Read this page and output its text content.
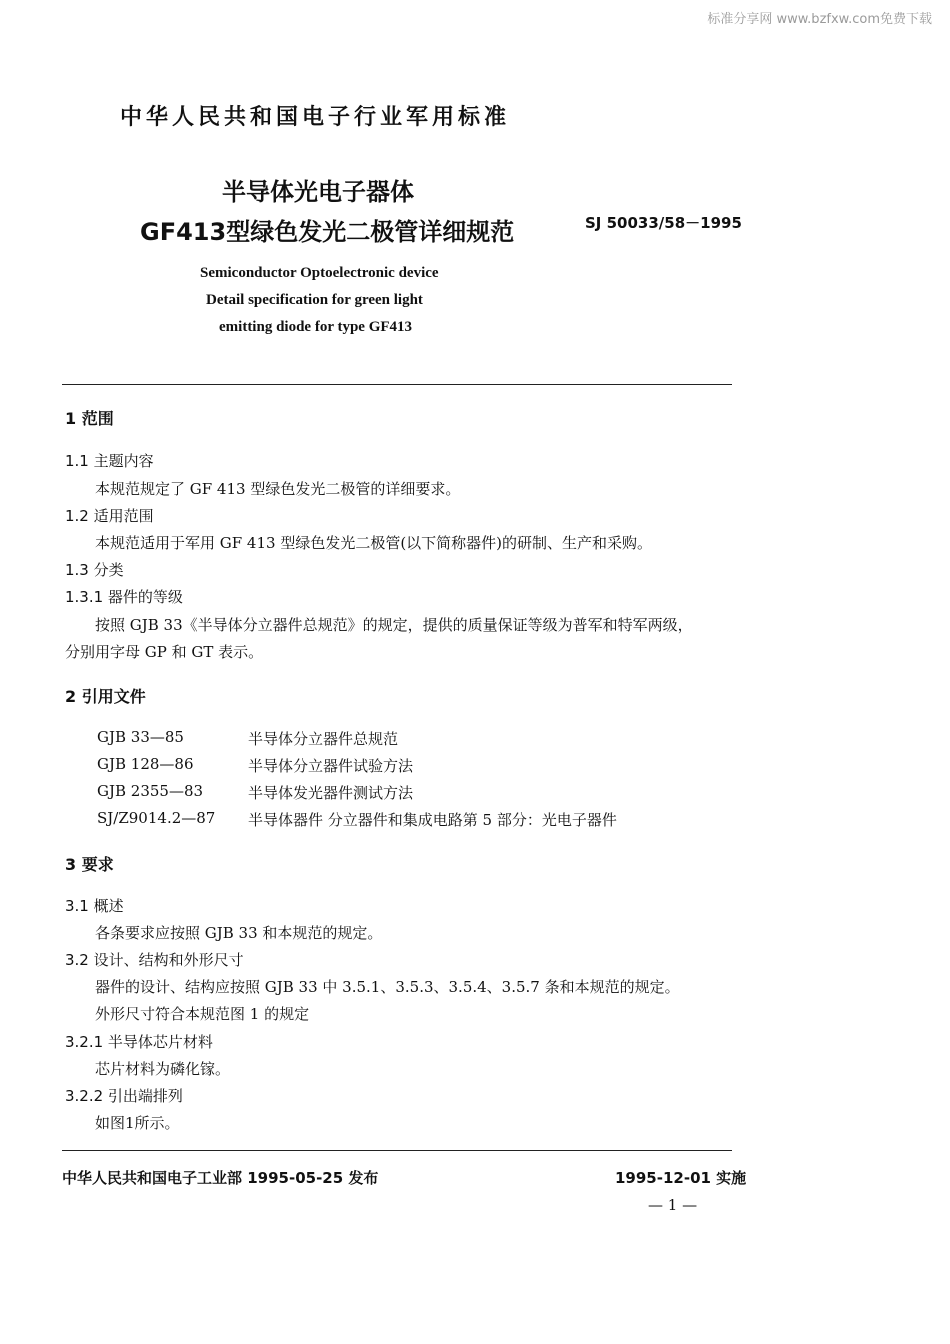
标准分享网 www.bzfxw.com免费下载
中华人民共和国电子行业军用标准
半导体光电子器体
GF413型绿色发光二极管详细规范	SJ 50033/58－1995
Semiconductor Optoelectronic device
Detail specification for green light
emitting diode for type GF413
1 范围
1.1 主题内容
本规范规定了 GF 413 型绿色发光二极管的详细要求。
1.2 适用范围
本规范适用于军用 GF 413 型绿色发光二极管(以下简称器件)的研制、生产和采购。
1.3 分类
1.3.1 器件的等级
按照 GJB 33《半导体分立器件总规范》的规定，提供的质量保证等级为普军和特军两级，
分别用字母 GP 和 GT 表示。
2 引用文件
GJB 33—85	半导体分立器件总规范
GJB 128—86	半导体分立器件试验方法
GJB 2355—83	半导体发光器件测试方法
SJ/Z9014.2—87 半导体器件 分立器件和集成电路第 5 部分：光电子器件
3 要求
3.1 概述
各条要求应按照 GJB 33 和本规范的规定。
3.2 设计、结构和外形尺寸
器件的设计、结构应按照 GJB 33 中 3.5.1、3.5.3、3.5.4、3.5.7 条和本规范的规定。
外形尺寸符合本规范图 1 的规定
3.2.1 半导体芯片材料
芯片材料为磷化镓。
3.2.2 引出端排列
如图1所示。
中华人民共和国电子工业部 1995-05-25 发布	1995-12-01 实施
— 1 —
